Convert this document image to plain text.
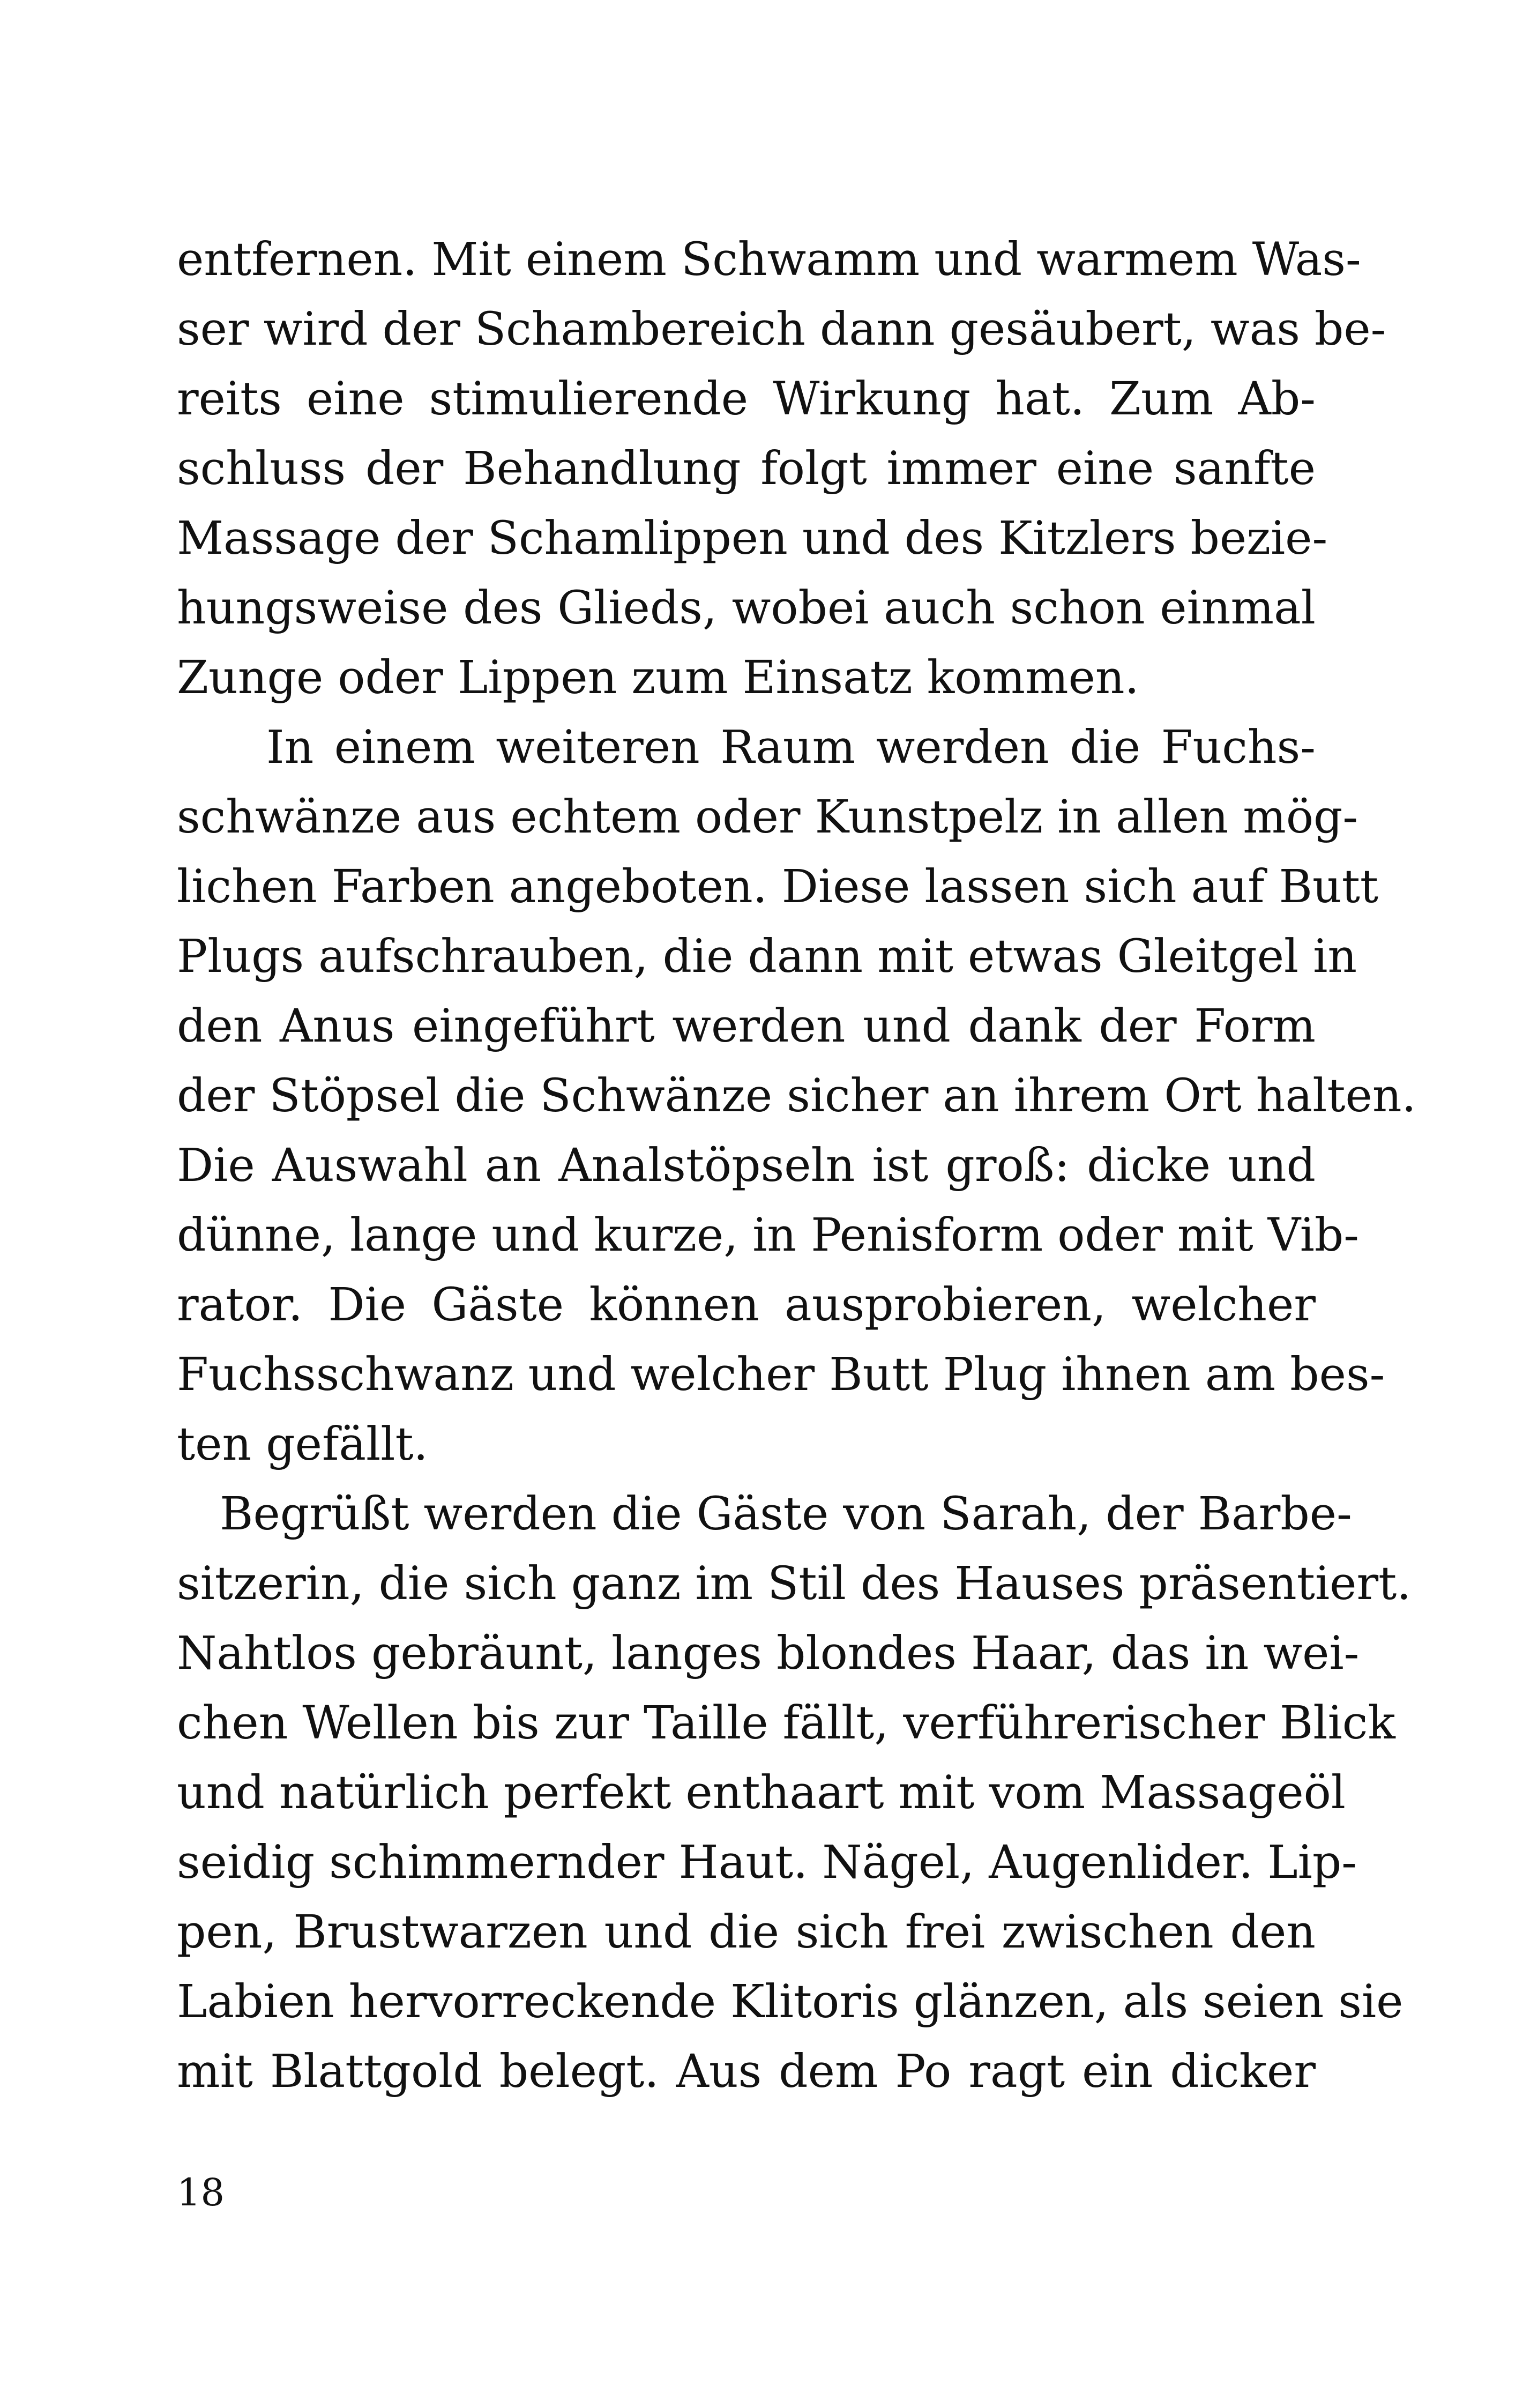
entfernen. Mit einem Schwamm und warmem Was-
ser wird der Schambereich dann gesäubert, was be-
reits eine stimulierende Wirkung hat. Zum Ab-
schluss der Behandlung folgt immer eine sanfte
Massage der Schamlippen und des Kitzlers bezie-
hungsweise des Glieds, wobei auch schon einmal
Zunge oder Lippen zum Einsatz kommen.
In einem weiteren Raum werden die Fuchs-
schwänze aus echtem oder Kunstpelz in allen mög-
lichen Farben angeboten. Diese lassen sich auf Butt
Plugs aufschrauben, die dann mit etwas Gleitgel in
den Anus eingeführt werden und dank der Form
der Stöpsel die Schwänze sicher an ihrem Ort halten.
Die Auswahl an Analstöpseln ist groß: dicke und
dünne, lange und kurze, in Penisform oder mit Vib-
rator. Die Gäste können ausprobieren, welcher
Fuchsschwanz und welcher Butt Plug ihnen am bes-
ten gefällt.
Begrüßt werden die Gäste von Sarah, der Barbe-
sitzerin, die sich ganz im Stil des Hauses präsentiert.
Nahtlos gebräunt, langes blondes Haar, das in wei-
chen Wellen bis zur Taille fällt, verführerischer Blick
und natürlich perfekt enthaart mit vom Massageöl
seidig schimmernder Haut. Nägel, Augenlider. Lip-
pen, Brustwarzen und die sich frei zwischen den
Labien hervorreckende Klitoris glänzen, als seien sie
mit Blattgold belegt. Aus dem Po ragt ein dicker
18
